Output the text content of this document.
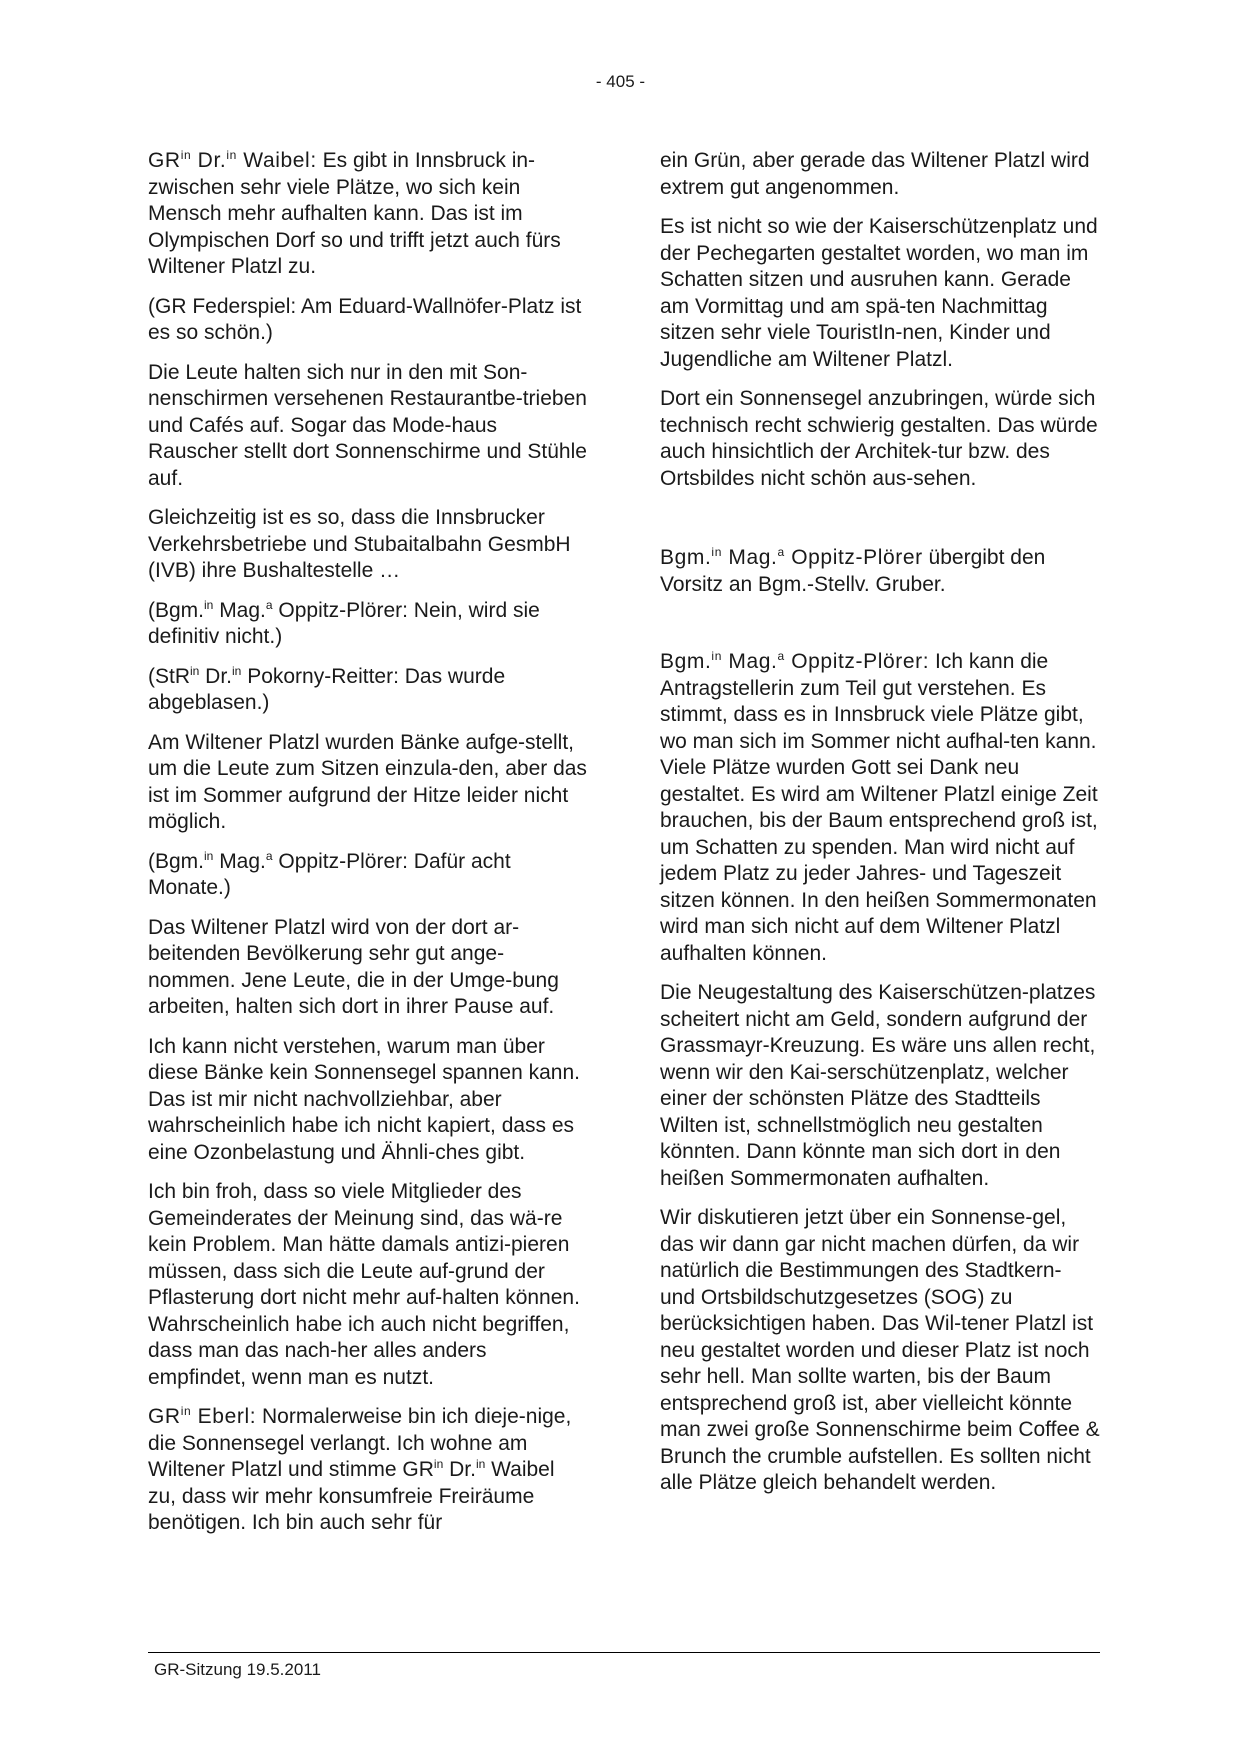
- 405 -

$GR^{in}$ Dr.$^{in}$ Waibel: Es gibt in Innsbruck in-zwischen sehr viele Plätze, wo sich kein Mensch mehr aufhalten kann. Das ist im Olympischen Dorf so und trifft jetzt auch fürs Wiltener Platzl zu.

(GR Federspiel: Am Eduard-Wallnöfer-Platz ist es so schön.)

Die Leute halten sich nur in den mit Son-nenschirmen versehenen Restaurantbe-trieben und Cafés auf. Sogar das Mode-haus Rauscher stellt dort Sonnenschirme und Stühle auf.

Gleichzeitig ist es so, dass die Innsbrucker Verkehrsbetriebe und Stubaitalbahn GesmbH (IVB) ihre Bushaltestelle …

(Bgm.$^{in}$ Mag.$^a$ Oppitz-Plörer: Nein, wird sie definitiv nicht.)

(StR$^{in}$ Dr.$^{in}$ Pokorny-Reitter: Das wurde abgeblasen.)

Am Wiltener Platzl wurden Bänke aufge-stellt, um die Leute zum Sitzen einzula-den, aber das ist im Sommer aufgrund der Hitze leider nicht möglich.

(Bgm.$^{in}$ Mag.$^a$ Oppitz-Plörer: Dafür acht Monate.)

Das Wiltener Platzl wird von der dort ar-beitenden Bevölkerung sehr gut ange-nommen. Jene Leute, die in der Umge-bung arbeiten, halten sich dort in ihrer Pause auf.

Ich kann nicht verstehen, warum man über diese Bänke kein Sonnensegel spannen kann. Das ist mir nicht nachvollziehbar, aber wahrscheinlich habe ich nicht kapiert, dass es eine Ozonbelastung und Ähnli-ches gibt.

Ich bin froh, dass so viele Mitglieder des Gemeinderates der Meinung sind, das wä-re kein Problem. Man hätte damals antizi-pieren müssen, dass sich die Leute auf-grund der Pflasterung dort nicht mehr auf-halten können. Wahrscheinlich habe ich auch nicht begriffen, dass man das nach-her alles anders empfindet, wenn man es nutzt.

$GR^{in}$ Eberl: Normalerweise bin ich dieje-nige, die Sonnensegel verlangt. Ich wohne am Wiltener Platzl und stimme $GR^{in}$ Dr.$^{in}$ Waibel zu, dass wir mehr konsumfreie Freiräume benötigen. Ich bin auch sehr für

ein Grün, aber gerade das Wiltener Platzl wird extrem gut angenommen.

Es ist nicht so wie der Kaiserschützenplatz und der Pechegarten gestaltet worden, wo man im Schatten sitzen und ausruhen kann. Gerade am Vormittag und am spä-ten Nachmittag sitzen sehr viele TouristIn-nen, Kinder und Jugendliche am Wiltener Platzl.

Dort ein Sonnensegel anzubringen, würde sich technisch recht schwierig gestalten. Das würde auch hinsichtlich der Architek-tur bzw. des Ortsbildes nicht schön aus-sehen.

Bgm.$^{in}$ Mag.$^a$ Oppitz-Plörer übergibt den Vorsitz an Bgm.-Stellv. Gruber.

Bgm.$^{in}$ Mag.$^a$ Oppitz-Plörer: Ich kann die Antragstellerin zum Teil gut verstehen. Es stimmt, dass es in Innsbruck viele Plätze gibt, wo man sich im Sommer nicht aufhal-ten kann. Viele Plätze wurden Gott sei Dank neu gestaltet. Es wird am Wiltener Platzl einige Zeit brauchen, bis der Baum entsprechend groß ist, um Schatten zu spenden. Man wird nicht auf jedem Platz zu jeder Jahres- und Tageszeit sitzen können. In den heißen Sommermonaten wird man sich nicht auf dem Wiltener Platzl aufhalten können.

Die Neugestaltung des Kaiserschützen-platzes scheitert nicht am Geld, sondern aufgrund der Grassmayr-Kreuzung. Es wäre uns allen recht, wenn wir den Kai-serschützenplatz, welcher einer der schönsten Plätze des Stadtteils Wilten ist, schnellstmöglich neu gestalten könnten. Dann könnte man sich dort in den heißen Sommermonaten aufhalten.

Wir diskutieren jetzt über ein Sonnense-gel, das wir dann gar nicht machen dürfen, da wir natürlich die Bestimmungen des Stadtkern- und Ortsbildschutzgesetzes (SOG) zu berücksichtigen haben. Das Wil-tener Platzl ist neu gestaltet worden und dieser Platz ist noch sehr hell. Man sollte warten, bis der Baum entsprechend groß ist, aber vielleicht könnte man zwei große Sonnenschirme beim Coffee & Brunch the crumble aufstellen. Es sollten nicht alle Plätze gleich behandelt werden.

GR-Sitzung 19.5.2011
